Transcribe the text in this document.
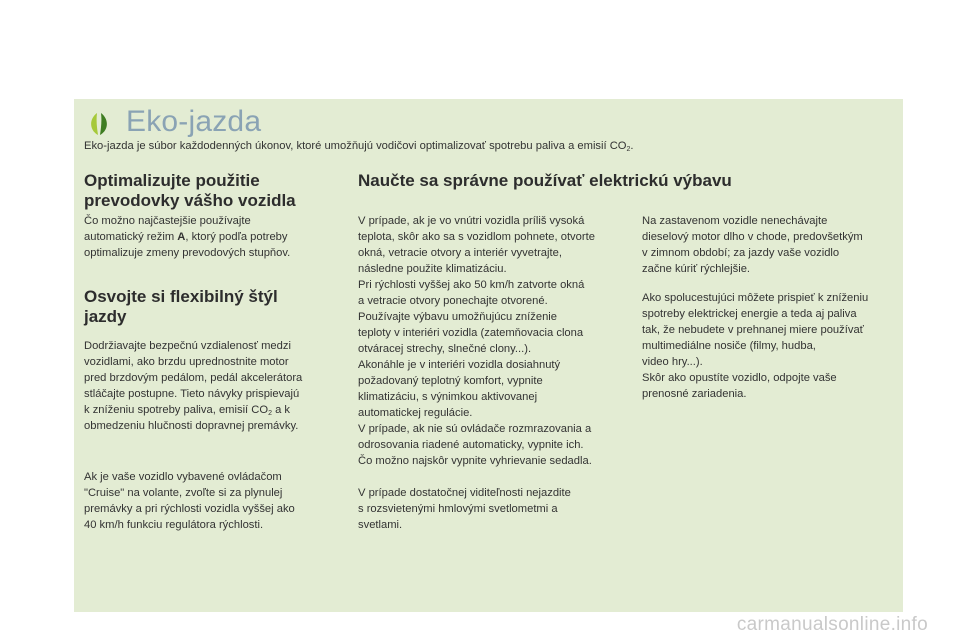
Eko-jazda
Eko-jazda je súbor každodenných úkonov, ktoré umožňujú vodičovi optimalizovať spotrebu paliva a emisií $CO_2$.
Optimalizujte použitie
prevodovky vášho vozidla
Čo možno najčastejšie používajte
automatický režim A, ktorý podľa potreby
optimalizuje zmeny prevodových stupňov.
Osvojte si flexibilný štýl
jazdy
Dodržiavajte bezpečnú vzdialenosť medzi
vozidlami, ako brzdu uprednostnite motor
pred brzdovým pedálom, pedál akcelerátora
stláčajte postupne. Tieto návyky prispievajú
k zníženiu spotreby paliva, emisií $CO_2$ a k
obmedzeniu hlučnosti dopravnej premávky.
Ak je vaše vozidlo vybavené ovládačom
"Cruise" na volante, zvoľte si za plynulej
premávky a pri rýchlosti vozidla vyššej ako
40 km/h funkciu regulátora rýchlosti.
Naučte sa správne používať elektrickú výbavu
V prípade, ak je vo vnútri vozidla príliš vysoká
teplota, skôr ako sa s vozidlom pohnete, otvorte
okná, vetracie otvory a interiér vyvetrajte,
následne použite klimatizáciu.
Pri rýchlosti vyššej ako 50 km/h zatvorte okná
a vetracie otvory ponechajte otvorené.
Používajte výbavu umožňujúcu zníženie
teploty v interiéri vozidla (zatemňovacia clona
otváracej strechy, slnečné clony...).
Akonáhle je v interiéri vozidla dosiahnutý
požadovaný teplotný komfort, vypnite
klimatizáciu, s výnimkou aktivovanej
automatickej regulácie.
V prípade, ak nie sú ovládače rozmrazovania a
odrosovania riadené automaticky, vypnite ich.
Čo možno najskôr vypnite vyhrievanie sedadla.
V prípade dostatočnej viditeľnosti nejazdite
s rozsvietenými hmlovými svetlometmi a
svetlami.
Na zastavenom vozidle nenechávajte
dieselový motor dlho v chode, predovšetkým
v zimnom období; za jazdy vaše vozidlo
začne kúriť rýchlejšie.
Ako spolucestujúci môžete prispieť k zníženiu
spotreby elektrickej energie a teda aj paliva
tak, že nebudete v prehnanej miere používať
multimediálne nosiče (filmy, hudba,
video hry...).
Skôr ako opustíte vozidlo, odpojte vaše
prenosné zariadenia.
carmanualsonline.info
